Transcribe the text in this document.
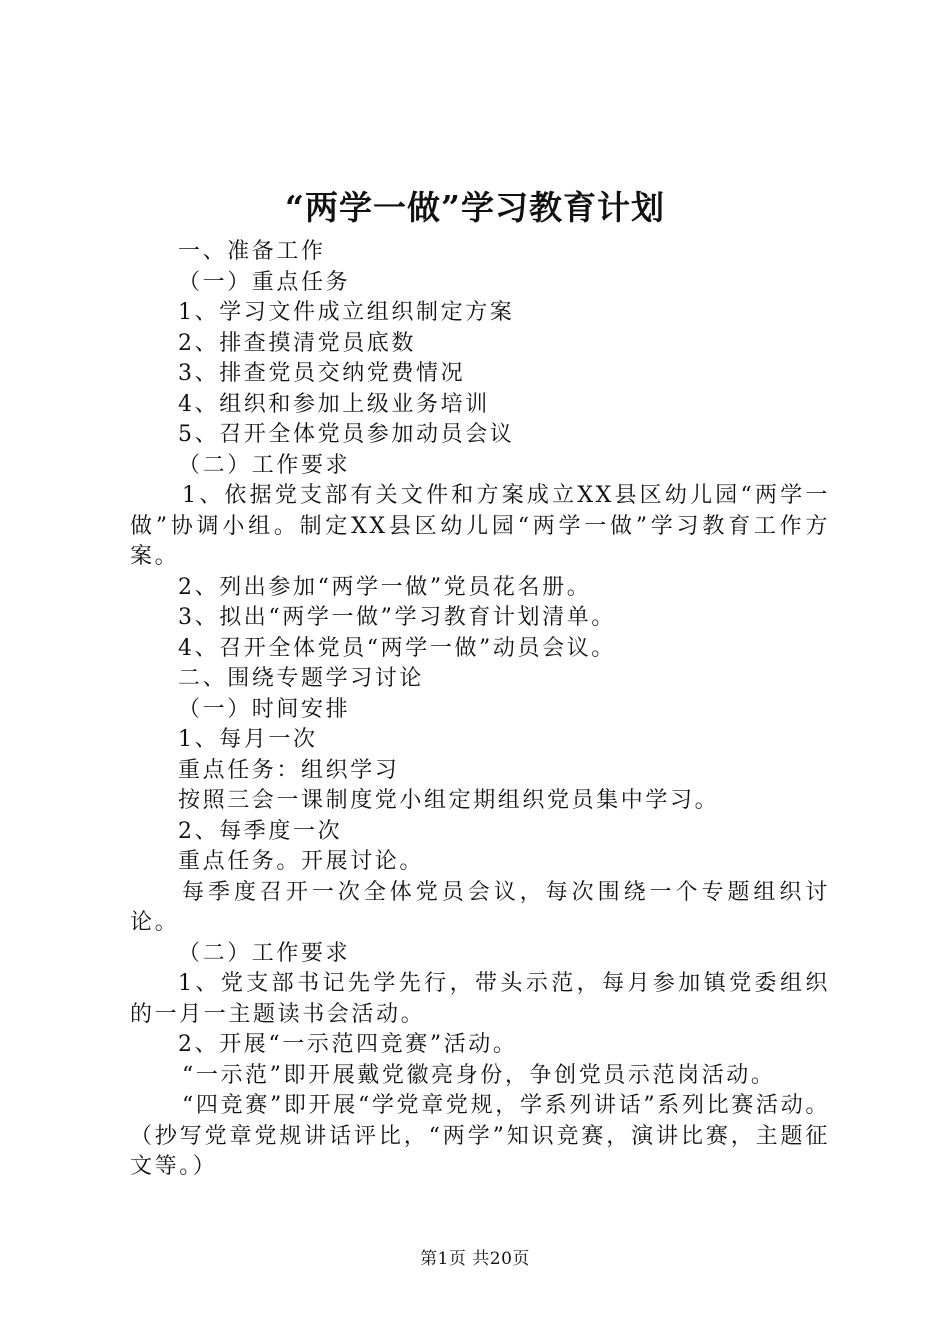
“两学一做”学习教育计划

一、准备工作

（一）重点任务

1、学习文件成立组织制定方案

2、排查摸清党员底数

3、排查党员交纳党费情况

4、组织和参加上级业务培训

5、召开全体党员参加动员会议

（二）工作要求

1、依据党支部有关文件和方案成立XX县区幼儿园“两学一做”协调小组。制定XX县区幼儿园“两学一做”学习教育工作方案。

2、列出参加“两学一做”党员花名册。

3、拟出“两学一做”学习教育计划清单。

4、召开全体党员“两学一做”动员会议。

二、围绕专题学习讨论

（一）时间安排

1、每月一次

重点任务：组织学习

按照三会一课制度党小组定期组织党员集中学习。

2、每季度一次

重点任务。开展讨论。

每季度召开一次全体党员会议，每次围绕一个专题组织讨论。

（二）工作要求

1、党支部书记先学先行，带头示范，每月参加镇党委组织的一月一主题读书会活动。

2、开展“一示范四竞赛”活动。

“一示范”即开展戴党徽亮身份，争创党员示范岗活动。

“四竞赛”即开展“学党章党规，学系列讲话”系列比赛活动。（抄写党章党规讲话评比，“两学”知识竞赛，演讲比赛，主题征文等。）

第1页 共20页
